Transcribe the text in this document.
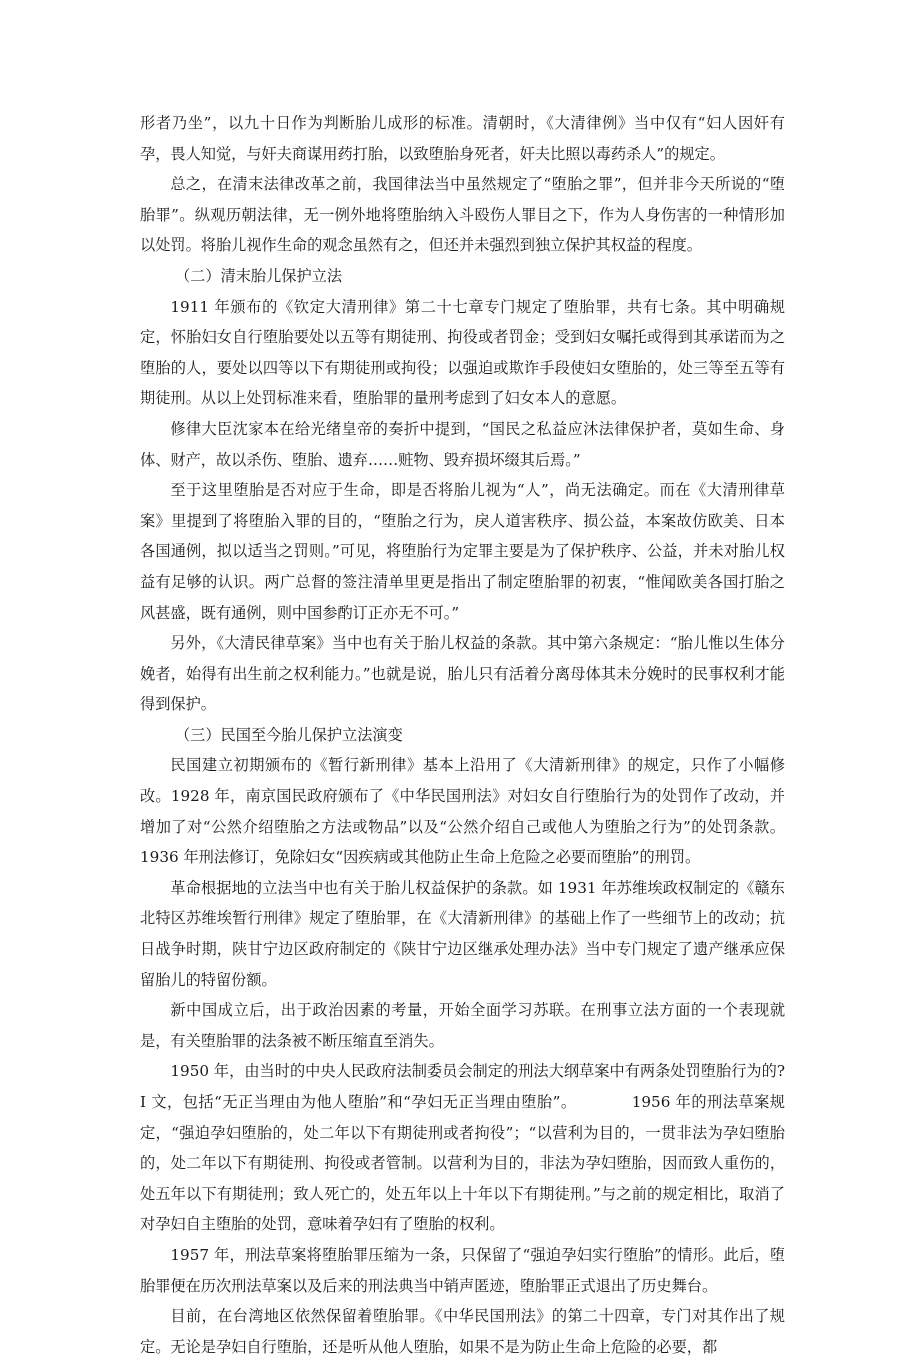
形者乃坐”，以九十日作为判断胎儿成形的标准。清朝时，《大清律例》当中仅有“妇人因奸有孕，畏人知觉，与奸夫商谋用药打胎，以致堕胎身死者，奸夫比照以毒药杀人”的规定。

总之，在清末法律改革之前，我国律法当中虽然规定了“堕胎之罪”，但并非今天所说的“堕胎罪”。纵观历朝法律，无一例外地将堕胎纳入斗殴伤人罪目之下，作为人身伤害的一种情形加以处罚。将胎儿视作生命的观念虽然有之，但还并未强烈到独立保护其权益的程度。

（二）清末胎儿保护立法

1911 年颁布的《钦定大清刑律》第二十七章专门规定了堕胎罪，共有七条。其中明确规定，怀胎妇女自行堕胎要处以五等有期徒刑、拘役或者罚金；受到妇女嘱托或得到其承诺而为之堕胎的人，要处以四等以下有期徒刑或拘役；以强迫或欺诈手段使妇女堕胎的，处三等至五等有期徒刑。从以上处罚标准来看，堕胎罪的量刑考虑到了妇女本人的意愿。

修律大臣沈家本在给光绪皇帝的奏折中提到，“国民之私益应沐法律保护者，莫如生命、身体、财产，故以杀伤、堕胎、遗弃……赃物、毁弃损坏缀其后焉。”

至于这里堕胎是否对应于生命，即是否将胎儿视为“人”，尚无法确定。而在《大清刑律草案》里提到了将堕胎入罪的目的，“堕胎之行为，戾人道害秩序、损公益，本案故仿欧美、日本各国通例，拟以适当之罚则。”可见，将堕胎行为定罪主要是为了保护秩序、公益，并未对胎儿权益有足够的认识。两广总督的签注清单里更是指出了制定堕胎罪的初衷，“惟闻欧美各国打胎之风甚盛，既有通例，则中国参酌订正亦无不可。”

另外，《大清民律草案》当中也有关于胎儿权益的条款。其中第六条规定：“胎儿惟以生体分娩者，始得有出生前之权利能力。”也就是说，胎儿只有活着分离母体其未分娩时的民事权利才能得到保护。

（三）民国至今胎儿保护立法演变

民国建立初期颁布的《暂行新刑律》基本上沿用了《大清新刑律》的规定，只作了小幅修改。1928 年，南京国民政府颁布了《中华民国刑法》对妇女自行堕胎行为的处罚作了改动，并增加了对“公然介绍堕胎之方法或物品”以及“公然介绍自己或他人为堕胎之行为”的处罚条款。1936 年刑法修订，免除妇女“因疾病或其他防止生命上危险之必要而堕胎”的刑罚。

革命根据地的立法当中也有关于胎儿权益保护的条款。如 1931 年苏维埃政权制定的《赣东北特区苏维埃暂行刑律》规定了堕胎罪，在《大清新刑律》的基础上作了一些细节上的改动；抗日战争时期，陕甘宁边区政府制定的《陕甘宁边区继承处理办法》当中专门规定了遗产继承应保留胎儿的特留份额。

新中国成立后，出于政治因素的考量，开始全面学习苏联。在刑事立法方面的一个表现就是，有关堕胎罪的法条被不断压缩直至消失。

1950 年，由当时的中央人民政府法制委员会制定的刑法大纲草案中有两条处罚堕胎行为的?I 文，包括“无正当理由为他人堕胎”和“孕妇无正当理由堕胎”。　　　　1956 年的刑法草案规定，“强迫孕妇堕胎的，处二年以下有期徒刑或者拘役”；“以营利为目的，一贯非法为孕妇堕胎的，处二年以下有期徒刑、拘役或者管制。以营利为目的，非法为孕妇堕胎，因而致人重伤的，处五年以下有期徒刑；致人死亡的，处五年以上十年以下有期徒刑。”与之前的规定相比，取消了对孕妇自主堕胎的处罚，意味着孕妇有了堕胎的权利。

1957 年，刑法草案将堕胎罪压缩为一条，只保留了“强迫孕妇实行堕胎”的情形。此后，堕胎罪便在历次刑法草案以及后来的刑法典当中销声匿迹，堕胎罪正式退出了历史舞台。

目前，在台湾地区依然保留着堕胎罪。《中华民国刑法》的第二十四章，专门对其作出了规定。无论是孕妇自行堕胎，还是听从他人堕胎，如果不是为防止生命上危险的必要，都
